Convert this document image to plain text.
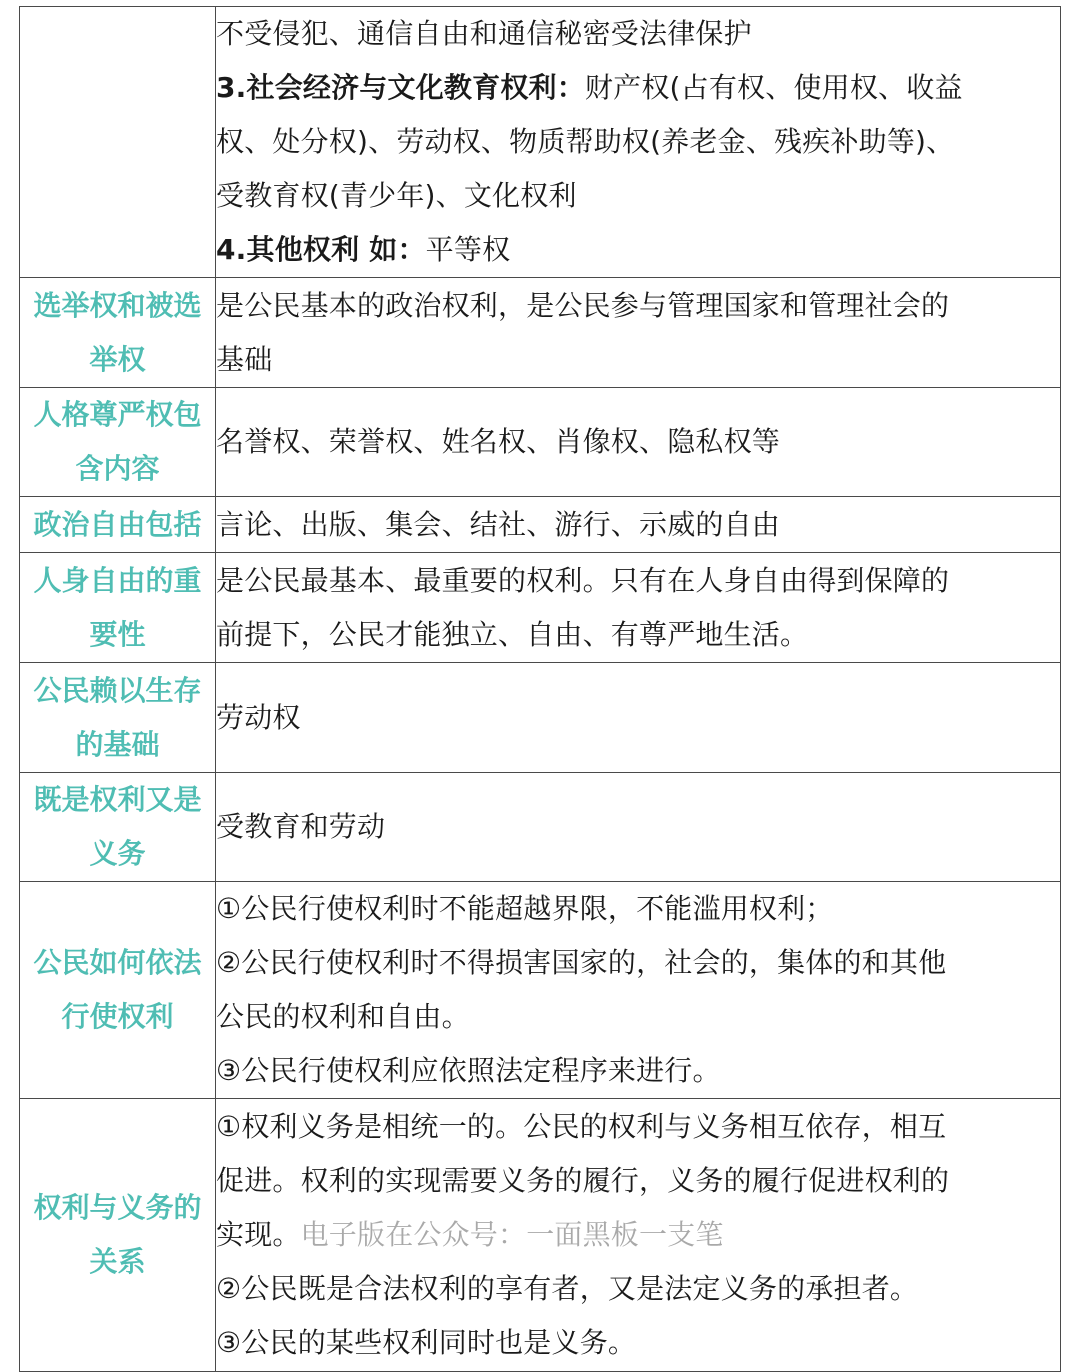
	不受侵犯、通信自由和通信秘密受法律保护
3.社会经济与文化教育权利：财产权(占有权、使用权、收益
权、处分权)、劳动权、物质帮助权(养老金、残疾补助等)、
受教育权(青少年)、文化权利
4.其他权利 如：平等权

选举权和被选举权	是公民基本的政治权利，是公民参与管理国家和管理社会的
基础

人格尊严权包含内容	名誉权、荣誉权、姓名权、肖像权、隐私权等

政治自由包括	言论、出版、集会、结社、游行、示威的自由

人身自由的重要性	是公民最基本、最重要的权利。只有在人身自由得到保障的
前提下，公民才能独立、自由、有尊严地生活。

公民赖以生存的基础	劳动权

既是权利又是义务	受教育和劳动

公民如何依法行使权利	①公民行使权利时不能超越界限，不能滥用权利；
②公民行使权利时不得损害国家的，社会的，集体的和其他
公民的权利和自由。
③公民行使权利应依照法定程序来进行。

权利与义务的关系	①权利义务是相统一的。公民的权利与义务相互依存，相互
促进。权利的实现需要义务的履行，义务的履行促进权利的
实现。电子版在公众号：一面黑板一支笔
②公民既是合法权利的享有者，又是法定义务的承担者。
③公民的某些权利同时也是义务。
